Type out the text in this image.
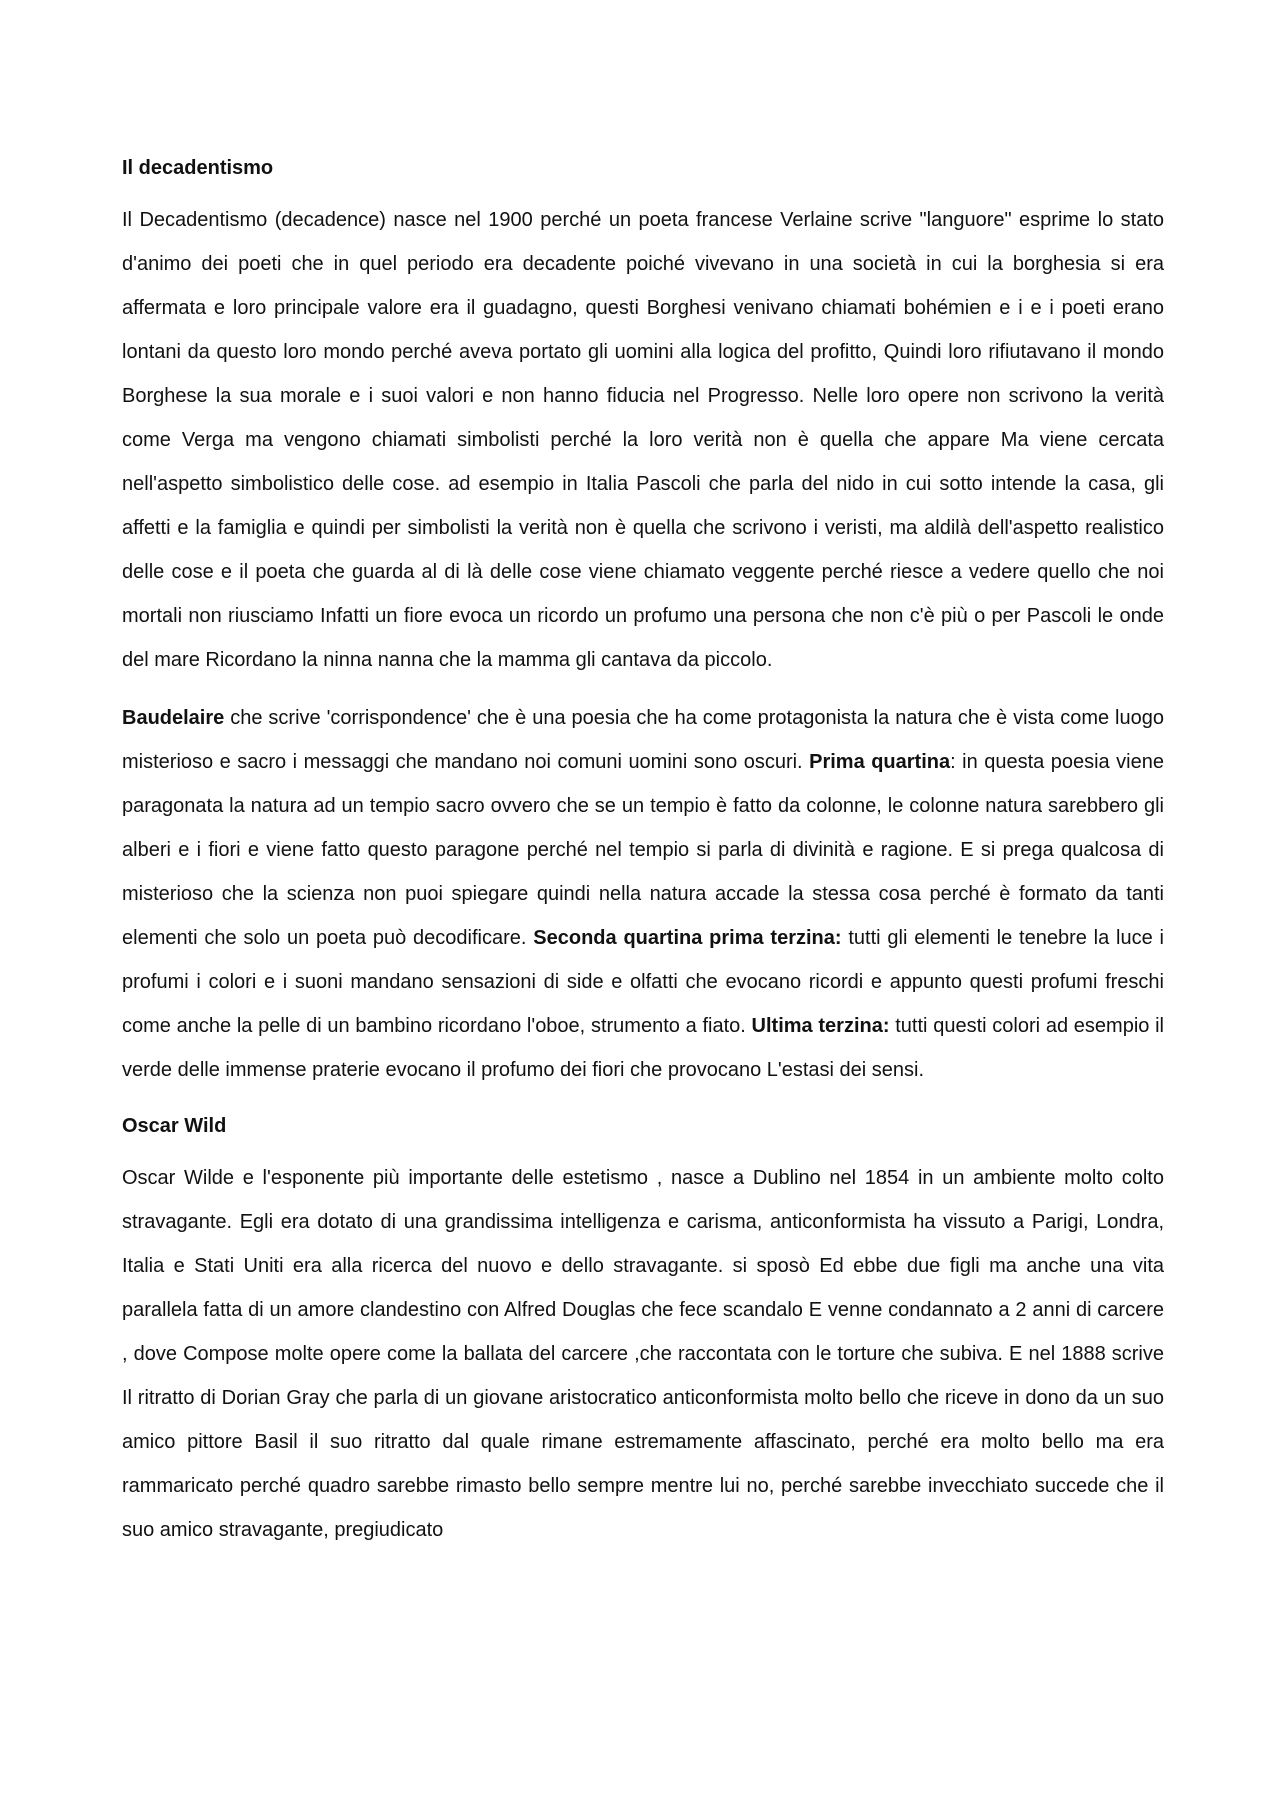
Il decadentismo

Il Decadentismo (decadence) nasce nel 1900 perché un poeta francese Verlaine scrive "languore" esprime lo stato d'animo dei poeti che in quel periodo era decadente poiché vivevano in una società in cui la borghesia si era affermata e loro principale valore era il guadagno, questi Borghesi venivano chiamati bohémien e i e i poeti erano lontani da questo loro mondo perché aveva portato gli uomini alla logica del profitto, Quindi loro rifiutavano il mondo Borghese la sua morale e i suoi valori e non hanno fiducia nel Progresso. Nelle loro opere non scrivono la verità come Verga ma vengono chiamati simbolisti perché la loro verità non è quella che appare Ma viene cercata nell'aspetto simbolistico delle cose. ad esempio in Italia Pascoli che parla del nido in cui sotto intende la casa, gli affetti e la famiglia e quindi per simbolisti la verità non è quella che scrivono i veristi, ma aldilà dell'aspetto realistico delle cose e il poeta che guarda al di là delle cose viene chiamato veggente perché riesce a vedere quello che noi mortali non riusciamo Infatti un fiore evoca un ricordo un profumo una persona che non c'è più o per Pascoli le onde del mare Ricordano la ninna nanna che la mamma gli cantava da piccolo.

Baudelaire che scrive 'corrispondence' che è una poesia che ha come protagonista la natura che è vista come luogo misterioso e sacro i messaggi che mandano noi comuni uomini sono oscuri. Prima quartina: in questa poesia viene paragonata la natura ad un tempio sacro ovvero che se un tempio è fatto da colonne, le colonne natura sarebbero gli alberi e i fiori e viene fatto questo paragone perché nel tempio si parla di divinità e ragione. E si prega qualcosa di misterioso che la scienza non puoi spiegare quindi nella natura accade la stessa cosa perché è formato da tanti elementi che solo un poeta può decodificare. Seconda quartina prima terzina: tutti gli elementi le tenebre la luce i profumi i colori e i suoni mandano sensazioni di side e olfatti che evocano ricordi e appunto questi profumi freschi come anche la pelle di un bambino ricordano l'oboe, strumento a fiato. Ultima terzina: tutti questi colori ad esempio il verde delle immense praterie evocano il profumo dei fiori che provocano L'estasi dei sensi.

Oscar Wild

Oscar Wilde e l'esponente più importante delle estetismo , nasce a Dublino nel 1854 in un ambiente molto colto stravagante. Egli era dotato di una grandissima intelligenza e carisma, anticonformista ha vissuto a Parigi, Londra, Italia e Stati Uniti era alla ricerca del nuovo e dello stravagante. si sposò Ed ebbe due figli ma anche una vita parallela fatta di un amore clandestino con Alfred Douglas che fece scandalo E venne condannato a 2 anni di carcere , dove Compose molte opere come la ballata del carcere ,che raccontata con le torture che subiva. E nel 1888 scrive Il ritratto di Dorian Gray che parla di un giovane aristocratico anticonformista molto bello che riceve in dono da un suo amico pittore Basil il suo ritratto dal quale rimane estremamente affascinato, perché era molto bello ma era rammaricato perché quadro sarebbe rimasto bello sempre mentre lui no, perché sarebbe invecchiato succede che il suo amico stravagante, pregiudicato
